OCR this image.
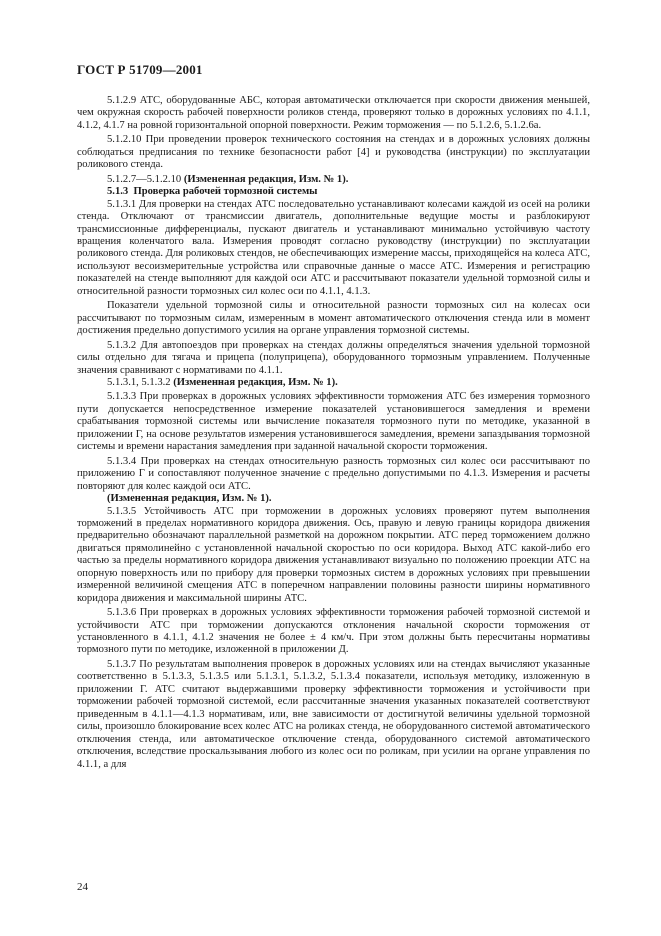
ГОСТ Р 51709—2001

5.1.2.9 АТС, оборудованные АБС, которая автоматически отключается при скорости движения меньшей, чем окружная скорость рабочей поверхности роликов стенда, проверяют только в дорожных условиях по 4.1.1, 4.1.2, 4.1.7 на ровной горизонтальной опорной поверхности. Режим торможения — по 5.1.2.6, 5.1.2.6а.

5.1.2.10 При проведении проверок технического состояния на стендах и в дорожных условиях должны соблюдаться предписания по технике безопасности работ [4] и руководства (инструкции) по эксплуатации роликового стенда.

5.1.2.7—5.1.2.10 (Измененная редакция, Изм. № 1).

5.1.3 Проверка рабочей тормозной системы

5.1.3.1 Для проверки на стендах АТС последовательно устанавливают колесами каждой из осей на ролики стенда. Отключают от трансмиссии двигатель, дополнительные ведущие мосты и разблокируют трансмиссионные дифференциалы, пускают двигатель и устанавливают минимально устойчивую частоту вращения коленчатого вала. Измерения проводят согласно руководству (инструкции) по эксплуатации роликового стенда. Для роликовых стендов, не обеспечивающих измерение массы, приходящейся на колеса АТС, используют весоизмерительные устройства или справочные данные о массе АТС. Измерения и регистрацию показателей на стенде выполняют для каждой оси АТС и рассчитывают показатели удельной тормозной силы и относительной разности тормозных сил колес оси по 4.1.1, 4.1.3.

Показатели удельной тормозной силы и относительной разности тормозных сил на колесах оси рассчитывают по тормозным силам, измеренным в момент автоматического отключения стенда или в момент достижения предельно допустимого усилия на органе управления тормозной системы.

5.1.3.2 Для автопоездов при проверках на стендах должны определяться значения удельной тормозной силы отдельно для тягача и прицепа (полуприцепа), оборудованного тормозным управлением. Полученные значения сравнивают с нормативами по 4.1.1.

5.1.3.1, 5.1.3.2 (Измененная редакция, Изм. № 1).

5.1.3.3 При проверках в дорожных условиях эффективности торможения АТС без измерения тормозного пути допускается непосредственное измерение показателей установившегося замедления и времени срабатывания тормозной системы или вычисление показателя тормозного пути по методике, указанной в приложении Г, на основе результатов измерения установившегося замедления, времени запаздывания тормозной системы и времени нарастания замедления при заданной начальной скорости торможения.

5.1.3.4 При проверках на стендах относительную разность тормозных сил колес оси рассчитывают по приложению Г и сопоставляют полученное значение с предельно допустимыми по 4.1.3. Измерения и расчеты повторяют для колес каждой оси АТС.

(Измененная редакция, Изм. № 1).

5.1.3.5 Устойчивость АТС при торможении в дорожных условиях проверяют путем выполнения торможений в пределах нормативного коридора движения. Ось, правую и левую границы коридора движения предварительно обозначают параллельной разметкой на дорожном покрытии. АТС перед торможением должно двигаться прямолинейно с установленной начальной скоростью по оси коридора. Выход АТС какой-либо его частью за пределы нормативного коридора движения устанавливают визуально по положению проекции АТС на опорную поверхность или по прибору для проверки тормозных систем в дорожных условиях при превышении измеренной величиной смещения АТС в поперечном направлении половины разности ширины нормативного коридора движения и максимальной ширины АТС.

5.1.3.6 При проверках в дорожных условиях эффективности торможения рабочей тормозной системой и устойчивости АТС при торможении допускаются отклонения начальной скорости торможения от установленного в 4.1.1, 4.1.2 значения не более ± 4 км/ч. При этом должны быть пересчитаны нормативы тормозного пути по методике, изложенной в приложении Д.

5.1.3.7 По результатам выполнения проверок в дорожных условиях или на стендах вычисляют указанные соответственно в 5.1.3.3, 5.1.3.5 или 5.1.3.1, 5.1.3.2, 5.1.3.4 показатели, используя методику, изложенную в приложении Г. АТС считают выдержавшими проверку эффективности торможения и устойчивости при торможении рабочей тормозной системой, если рассчитанные значения указанных показателей соответствуют приведенным в 4.1.1—4.1.3 нормативам, или, вне зависимости от достигнутой величины удельной тормозной силы, произошло блокирование всех колес АТС на роликах стенда, не оборудованного системой автоматического отключения стенда, или автоматическое отключение стенда, оборудованного системой автоматического отключения, вследствие проскальзывания любого из колес оси по роликам, при усилии на органе управления по 4.1.1, а для

24
